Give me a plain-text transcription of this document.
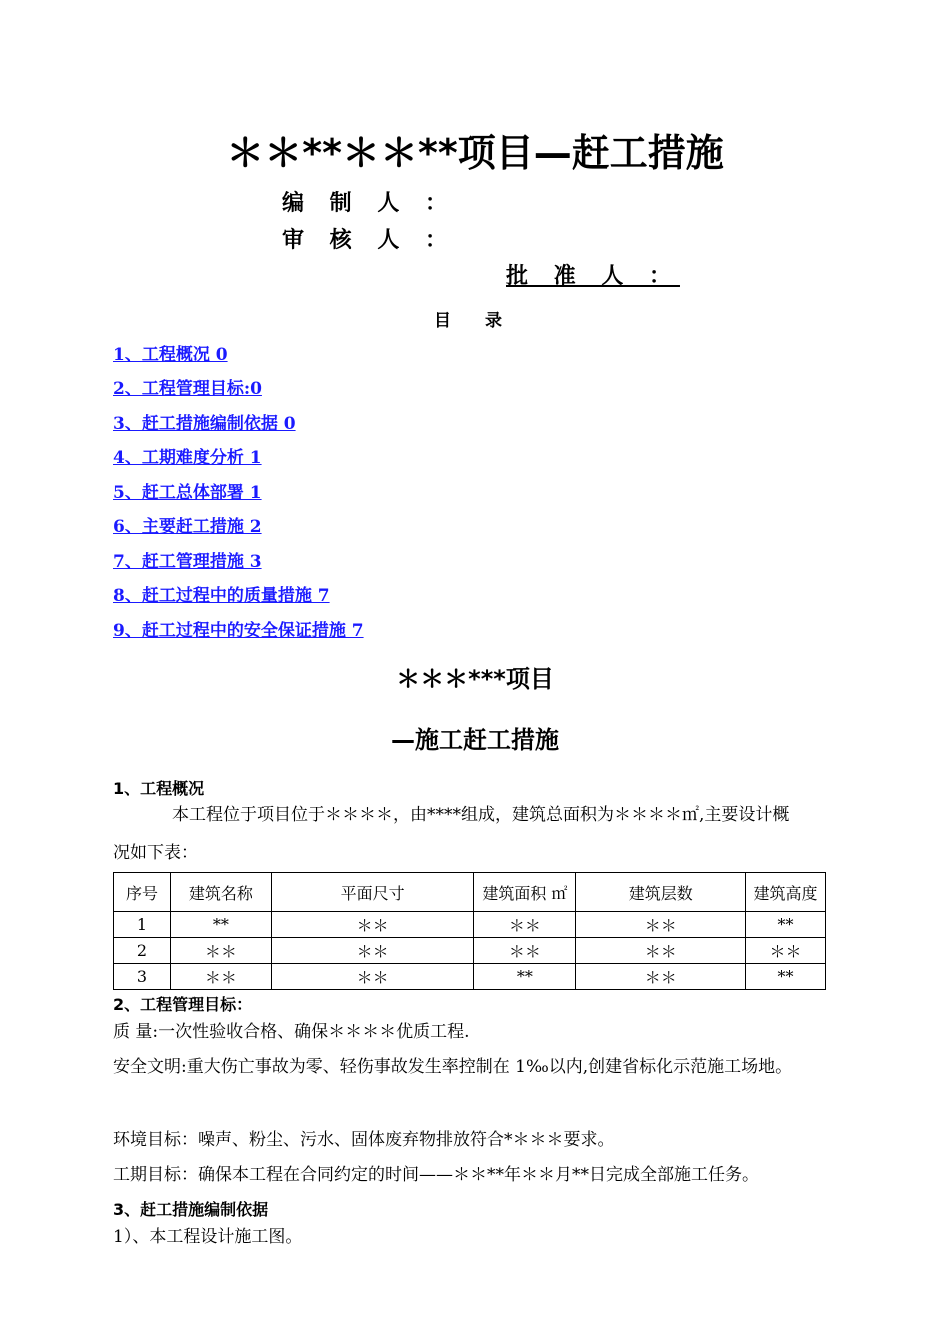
＊＊**＊＊**项目—赶工措施
编 制 人 ：
审 核 人 ：
批 准 人 ：
目 录
1、工程概况 0
2、工程管理目标:0
3、赶工措施编制依据 0
4、工期难度分析 1
5、赶工总体部署 1
6、主要赶工措施 2
7、赶工管理措施 3
8、赶工过程中的质量措施 7
9、赶工过程中的安全保证措施 7
＊＊＊***项目
—施工赶工措施
1、工程概况
本工程位于项目位于＊＊＊＊，由****组成，建筑总面积为＊＊＊＊㎡,主要设计概
况如下表：
序号	建筑名称	平面尺寸	建筑面积 ㎡	建筑层数	建筑高度
1	**	＊＊	＊＊	＊＊	**
2	＊＊	＊＊	＊＊	＊＊	＊＊
3	＊＊	＊＊	**	＊＊	**
2、工程管理目标：
质 量:一次性验收合格、确保＊＊＊＊优质工程.
安全文明:重大伤亡事故为零、轻伤事故发生率控制在 1‰以内,创建省标化示范施工场地。
环境目标：噪声、粉尘、污水、固体废弃物排放符合*＊＊＊要求。
工期目标：确保本工程在合同约定的时间——＊＊**年＊＊月**日完成全部施工任务。
3、赶工措施编制依据
1）、本工程设计施工图。
